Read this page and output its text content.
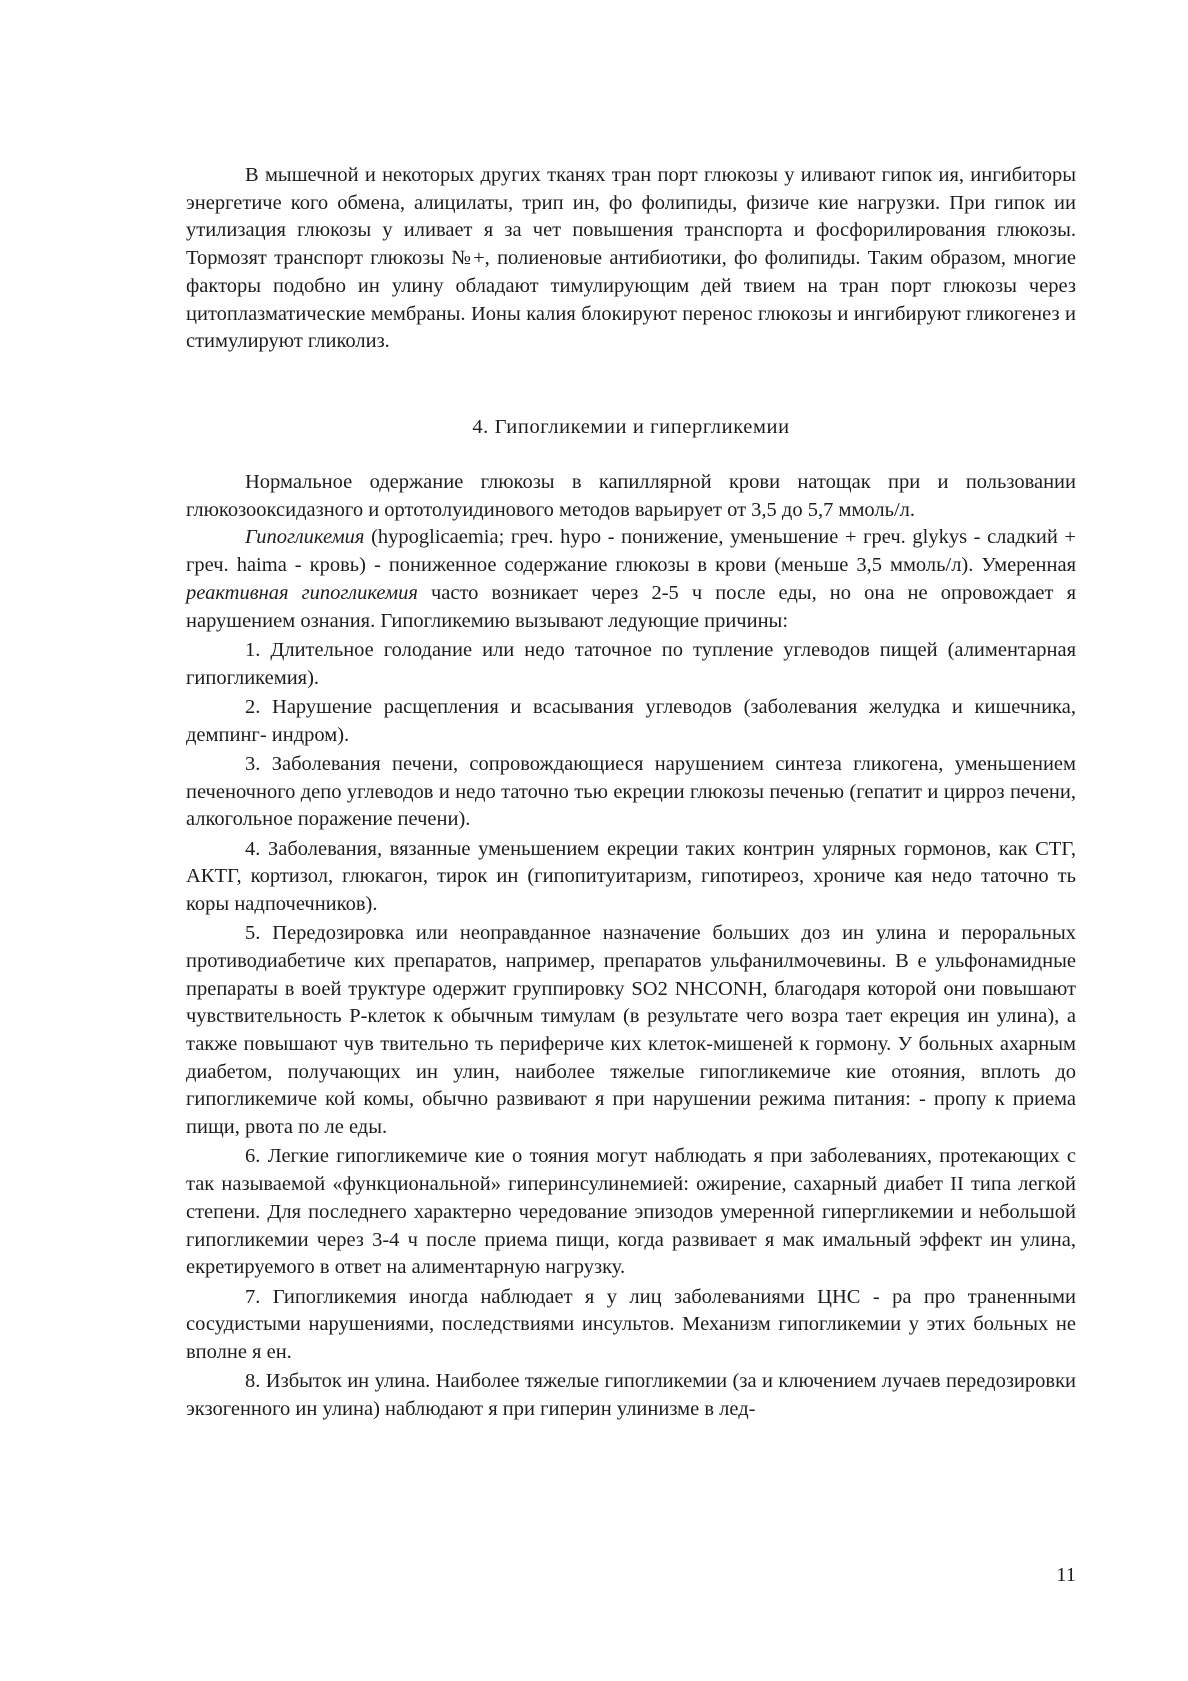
В мышечной и некоторых других тканях тран порт глюкозы у иливают гипок ия, ингибиторы энергетиче кого обмена, алицилаты, трип ин, фо фолипиды, физиче кие нагрузки. При гипок ии утилизация глюкозы у иливает я за чет повышения транспорта и фосфорилирования глюкозы. Тормозят транспорт глюкозы №+, полиеновые антибиотики, фо фолипиды. Таким образом, многие факторы подобно ин улину обладают тимулирующим дей твием на тран порт глюкозы через цитоплазматические мембраны. Ионы калия блокируют перенос глюкозы и ингибируют гликогенез и стимулируют гликолиз.

4. Гипогликемии и гипергликемии

Нормальное одержание глюкозы в капиллярной крови натощак при и пользовании глюкозооксидазного и ортотолуидинового методов варьирует от 3,5 до 5,7 ммоль/л.

Гипогликемия (hypoglicaemia; греч. hypo - понижение, уменьшение + греч. glykys - сладкий + греч. haima - кровь) - пониженное содержание глюкозы в крови (меньше 3,5 ммоль/л). Умеренная реактивная гипогликемия часто возникает через 2-5 ч после еды, но она не опровождает я нарушением ознания. Гипогликемию вызывают ледующие причины:

1. Длительное голодание или недо таточное по тупление углеводов пищей (алиментарная гипогликемия).

2. Нарушение расщепления и всасывания углеводов (заболевания желудка и кишечника, демпинг- индром).

3. Заболевания печени, сопровождающиеся нарушением синтеза гликогена, уменьшением печеночного депо углеводов и недо таточно тью екреции глюкозы печенью (гепатит и цирроз печени, алкогольное поражение печени).

4. Заболевания, вязанные уменьшением екреции таких контрин улярных гормонов, как СТГ, АКТГ, кортизол, глюкагон, тирок ин (гипопитуитаризм, гипотиреоз, хрониче кая недо таточно ть коры надпочечников).

5. Передозировка или неоправданное назначение больших доз ин улина и пероральных противодиабетиче ких препаратов, например, препаратов ульфанилмочевины. В е ульфонамидные препараты в воей труктуре одержит группировку SO2 NHCONH, благодаря которой они повышают чувствительность Р-клеток к обычным тимулам (в результате чего возра тает екреция ин улина), а также повышают чув твительно ть периферичe ких клеток-мишеней к гормону. У больных ахарным диабетом, получающих ин улин, наиболее тяжелые гипогликемиче кие отояния, вплоть до гипогликемиче кой комы, обычно развивают я при нарушении режима питания: - пропу к приема пищи, рвота по ле еды.

6. Легкие гипогликемиче кие о тояния могут наблюдать я при заболеваниях, протекающих с так называемой «функциональной» гиперинсулинемией: ожирение, сахарный диабет II типа легкой степени. Для последнего характерно чередование эпизодов умеренной гипергликемии и небольшой гипогликемии через 3-4 ч после приема пищи, когда развивает я мак имальный эффект ин улина, екретируемого в ответ на алиментарную нагрузку.

7. Гипогликемия иногда наблюдает я у лиц заболеваниями ЦНС - ра про траненными сосудистыми нарушениями, последствиями инсультов. Механизм гипогликемии у этих больных не вполне я ен.

8. Избыток ин улина. Наиболее тяжелые гипогликемии (за и ключением лучаев передозировки экзогенного ин улина) наблюдают я при гиперин улинизме в лед-

11
